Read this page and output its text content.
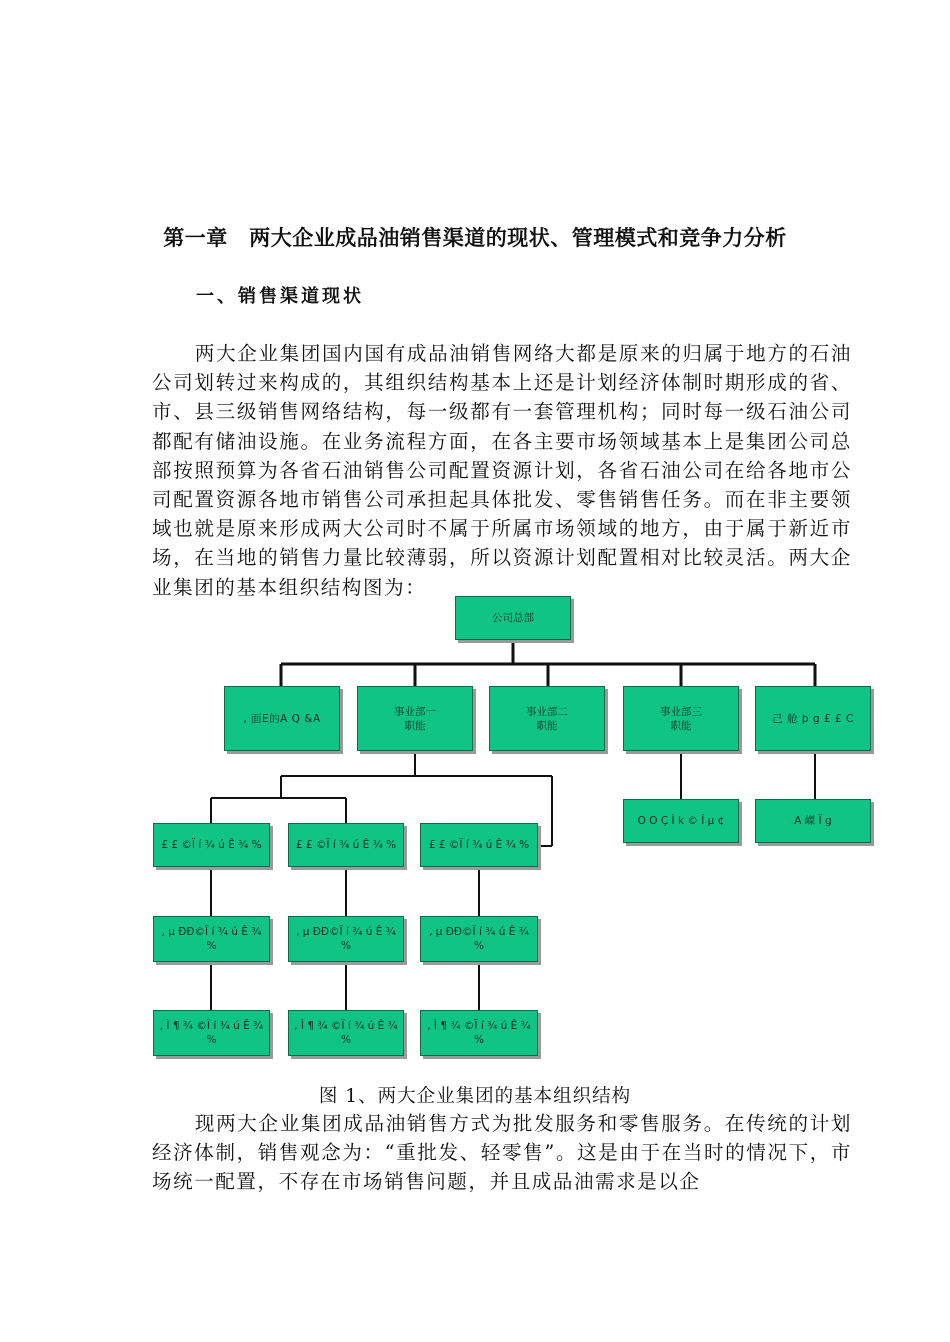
第一章　两大企业成品油销售渠道的现状、管理模式和竞争力分析
一、销售渠道现状

两大企业集团国内国有成品油销售网络大都是原来的归属于地方的石油公司划转过来构成的，其组织结构基本上还是计划经济体制时期形成的省、市、县三级销售网络结构，每一级都有一套管理机构；同时每一级石油公司都配有储油设施。在业务流程方面，在各主要市场领域基本上是集团公司总部按照预算为各省石油销售公司配置资源计划，各省石油公司在给各地市公司配置资源各地市销售公司承担起具体批发、零售销售任务。而在非主要领域也就是原来形成两大公司时不属于所属市场领域的地方，由于属于新近市场，在当地的销售力量比较薄弱，所以资源计划配置相对比较灵活。两大企业集团的基本组织结构图为：

公司总部
, 面E的A Q &A
事业部一
职能
事业部二
职能
事业部三
职能
己 舱 þ g £ £ C
£ £ ©Ï í ¾ ú Ê ¾ %	£ £ ©Ï í ¾ ú Ê ¾ %	£ £ ©Ï í ¾ ú Ê ¾ %
O O Ç Ì k © Í µ ¢	A 嵥 Ï g
, µ ÐÐ©Ï í ¾ ú Ê ¾ %
, µ ÐÐ©Ï í ¾ ú Ê ¾ %
, µ ÐÐ©Ï í ¾ ú Ê ¾ %
, Ì ¶ ¾ ©Ï í ¾ ú Ê ¾ %
, Ì ¶ ¾ ©Ï í ¾ ú Ê ¾ %
, Ì ¶ ¾ ©Ï í ¾ ú Ê ¾ %
图 1、两大企业集团的基本组织结构

现两大企业集团成品油销售方式为批发服务和零售服务。在传统的计划经济体制，销售观念为：“重批发、轻零售”。这是由于在当时的情况下，市场统一配置，不存在市场销售问题，并且成品油需求是以企
